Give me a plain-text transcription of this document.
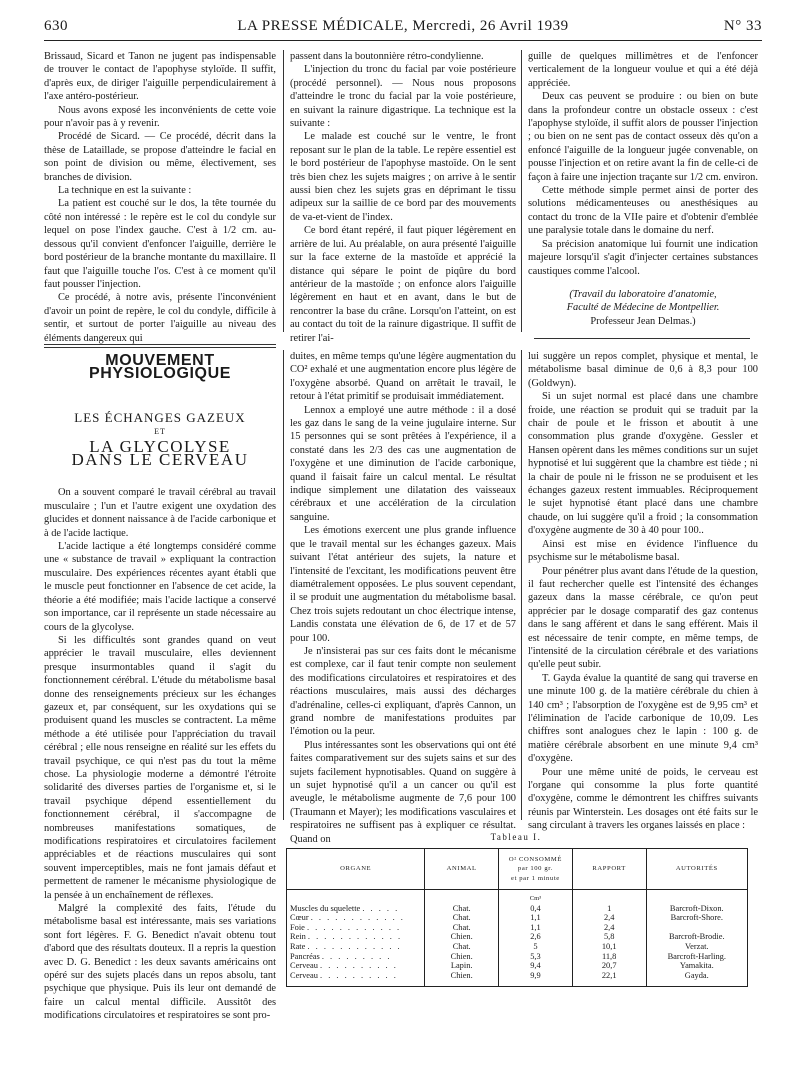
630	LA PRESSE MÉDICALE, Mercredi, 26 Avril 1939	N° 33

Brissaud, Sicard et Tanon ne jugent pas indispensable de trouver le contact de l'apophyse styloïde. Il suffit, d'après eux, de diriger l'aiguille perpendiculairement à l'axe antéro-postérieur.

Nous avons exposé les inconvénients de cette voie pour n'avoir pas à y revenir.

Procédé de Sicard. — Ce procédé, décrit dans la thèse de Lataillade, se propose d'atteindre le facial en son point de division ou même, électivement, ses branches de division.

La technique en est la suivante :

La patient est couché sur le dos, la tête tournée du côté non intéressé : le repère est le col du condyle sur lequel on pose l'index gauche. C'est à 1/2 cm. au-dessous qu'il convient d'enfoncer l'aiguille, derrière le bord postérieur de la branche montante du maxillaire. Il faut que l'aiguille touche l'os. C'est à ce moment qu'il faut pousser l'injection.

Ce procédé, à notre avis, présente l'inconvénient d'avoir un point de repère, le col du condyle, difficile à sentir, et surtout de porter l'aiguille au niveau des éléments dangereux qui

passent dans la boutonnière rétro-condylienne.

L'injection du tronc du facial par voie postérieure (procédé personnel). — Nous nous proposons d'atteindre le tronc du facial par la voie postérieure, en suivant la rainure digastrique. La technique est la suivante :

Le malade est couché sur le ventre, le front reposant sur le plan de la table. Le repère essentiel est le bord postérieur de l'apophyse mastoïde. On le sent très bien chez les sujets maigres ; on arrive à le sentir aussi bien chez les sujets gras en déprimant le tissu adipeux sur la saillie de ce bord par des mouvements de va-et-vient de l'index.

Ce bord étant repéré, il faut piquer légèrement en arrière de lui. Au préalable, on aura présenté l'aiguille sur la face externe de la mastoïde et apprécié la distance qui sépare le point de piqûre du bord antérieur de la mastoïde ; on enfonce alors l'aiguille légèrement en haut et en avant, dans le but de rencontrer la base du crâne. Lorsqu'on l'atteint, on est au contact du toit de la rainure digastrique. Il suffit de retirer l'ai-

guille de quelques millimètres et de l'enfoncer verticalement de la longueur voulue et qui a été déjà appréciée.

Deux cas peuvent se produire : ou bien on bute dans la profondeur contre un obstacle osseux : c'est l'apophyse styloïde, il suffit alors de pousser l'injection ; ou bien on ne sent pas de contact osseux dès qu'on a enfoncé l'aiguille de la longueur jugée convenable, on pousse l'injection et on retire avant la fin de celle-ci de façon à faire une injection traçante sur 1/2 cm. environ.

Cette méthode simple permet ainsi de porter des solutions médicamenteuses ou anesthésiques au contact du tronc de la VIIe paire et d'obtenir d'emblée une paralysie totale dans le domaine du nerf.

Sa précision anatomique lui fournit une indication majeure lorsqu'il s'agit d'injecter certaines substances caustiques comme l'alcool.

(Travail du laboratoire d'anatomie,
Faculté de Médecine de Montpellier.
Professeur Jean Delmas.)
MOUVEMENT PHYSIOLOGIQUE
LES ÉCHANGES GAZEUX
ET
LA GLYCOLYSE
DANS LE CERVEAU

On a souvent comparé le travail cérébral au travail musculaire ; l'un et l'autre exigent une oxydation des glucides et donnent naissance à de l'acide carbonique et à de l'acide lactique.

L'acide lactique a été longtemps considéré comme une « substance de travail » expliquant la contraction musculaire. Des expériences récentes ayant établi que le muscle peut fonctionner en l'absence de cet acide, la théorie a été modifiée; mais l'acide lactique a conservé son importance, car il représente un stade nécessaire au cours de la glycolyse.

Si les difficultés sont grandes quand on veut apprécier le travail musculaire, elles deviennent presque insurmontables quand il s'agit du fonctionnement cérébral. L'étude du métabolisme basal donne des renseignements précieux sur les échanges gazeux et, par conséquent, sur les oxydations qui se produisent quand les muscles se contractent. La même méthode a été utilisée pour l'appréciation du travail cérébral ; elle nous renseigne en réalité sur les effets du travail psychique, ce qui n'est pas du tout la même chose. La physiologie moderne a démontré l'étroite solidarité des diverses parties de l'organisme et, si le travail psychique dépend essentiellement du fonctionnement cérébral, il s'accompagne de nombreuses manifestations somatiques, de modifications respiratoires et circulatoires facilement appréciables et de réactions musculaires qui sont souvent imperceptibles, mais ne font jamais défaut et permettent de ramener le mécanisme physiologique de la pensée à un enchaînement de réflexes.

Malgré la complexité des faits, l'étude du métabolisme basal est intéressante, mais ses variations sont fort légères. F. G. Benedict n'avait obtenu tout d'abord que des résultats douteux. Il a repris la question avec D. G. Benedict : les deux savants américains ont opéré sur des sujets placés dans un repos absolu, tant psychique que physique. Puis ils leur ont demandé de faire un calcul mental difficile. Aussitôt des modifications circulatoires et respiratoires se sont pro-

duites, en même temps qu'une légère augmentation du CO² exhalé et une augmentation encore plus légère de l'oxygène absorbé. Quand on arrêtait le travail, le retour à l'état primitif se produisait immédiatement.

Lennox a employé une autre méthode : il a dosé les gaz dans le sang de la veine jugulaire interne. Sur 15 personnes qui se sont prêtées à l'expérience, il a constaté dans les 2/3 des cas une augmentation de l'oxygène et une diminution de l'acide carbonique, quand il faisait faire un calcul mental. Le résultat indique simplement une dilatation des vaisseaux cérébraux et une accélération de la circulation sanguine.

Les émotions exercent une plus grande influence que le travail mental sur les échanges gazeux. Mais suivant l'état antérieur des sujets, la nature et l'intensité de l'excitant, les modifications peuvent être diamétralement opposées. Le plus souvent cependant, il se produit une augmentation du métabolisme basal. Chez trois sujets redoutant un choc électrique intense, Landis constata une élévation de 6, de 17 et de 57 pour 100.

Je n'insisterai pas sur ces faits dont le mécanisme est complexe, car il faut tenir compte non seulement des modifications circulatoires et respiratoires et des réactions musculaires, mais aussi des décharges d'adrénaline, celles-ci expliquant, d'après Cannon, un grand nombre de manifestations produites par l'émotion ou la peur.

Plus intéressantes sont les observations qui ont été faites comparativement sur des sujets sains et sur des sujets facilement hypnotisables. Quand on suggère à un sujet hypnotisé qu'il a un cancer ou qu'il est aveugle, le métabolisme augmente de 7,6 pour 100 (Traumann et Mayer); les modifications vasculaires et respiratoires ne suffisent pas à expliquer ce résultat. Quand on

lui suggère un repos complet, physique et mental, le métabolisme basal diminue de 0,6 à 8,3 pour 100 (Goldwyn).

Si un sujet normal est placé dans une chambre froide, une réaction se produit qui se traduit par la chair de poule et le frisson et aboutit à une consommation plus grande d'oxygène. Gessler et Hansen opèrent dans les mêmes conditions sur un sujet hypnotisé et lui suggèrent que la chambre est tiède ; ni la chair de poule ni le frisson ne se produisent et les échanges gazeux restent immuables. Réciproquement le sujet hypnotisé étant placé dans une chambre chaude, on lui suggère qu'il a froid ; la consommation d'oxygène augmente de 30 à 40 pour 100..

Ainsi est mise en évidence l'influence du psychisme sur le métabolisme basal.

Pour pénétrer plus avant dans l'étude de la question, il faut rechercher quelle est l'intensité des échanges gazeux dans la masse cérébrale, ce qu'on peut apprécier par le dosage comparatif des gaz contenus dans le sang afférent et dans le sang efférent. Mais il est nécessaire de tenir compte, en même temps, de l'intensité de la circulation cérébrale et des variations qu'elle peut subir.

T. Gayda évalue la quantité de sang qui traverse en une minute 100 g. de la matière cérébrale du chien à 140 cm³ ; l'absorption de l'oxygène est de 9,95 cm³ et l'élimination de l'acide carbonique de 10,09. Les chiffres sont analogues chez le lapin : 100 g. de matière cérébrale absorbent en une minute 9,4 cm³ d'oxygène.

Pour une même unité de poids, le cerveau est l'organe qui consomme la plus forte quantité d'oxygène, comme le démontrent les chiffres suivants réunis par Winterstein. Les dosages ont été faits sur le sang circulant à travers les organes laissés en place :

Tableau I.
ORGANE	ANIMAL	O² CONSOMMÉ
par 100 gr.
et par 1 minute	RAPPORT	AUTORITÉS
		Cm³		
Muscles du squelette . . . . .	Chat.	0,4	1	Barcroft-Dixon.
Cœur . . . . . . . . . . . .	Chat.	1,1	2,4	Barcroft-Shore.
Foie . . . . . . . . . . . .	Chat.	1,1	2,4	
Rein . . . . . . . . . . . .	Chien.	2,6	5,8	Barcroft-Brodie.
Rate . . . . . . . . . . . .	Chat.	5	10,1	Verzat.
Pancréas . . . . . . . . .	Chien.	5,3	11,8	Barcroft-Harling.
Cerveau . . . . . . . . . .	Lapin.	9,4	20,7	Yamakita.
Cerveau . . . . . . . . . .	Chien.	9,9	22,1	Gayda.
